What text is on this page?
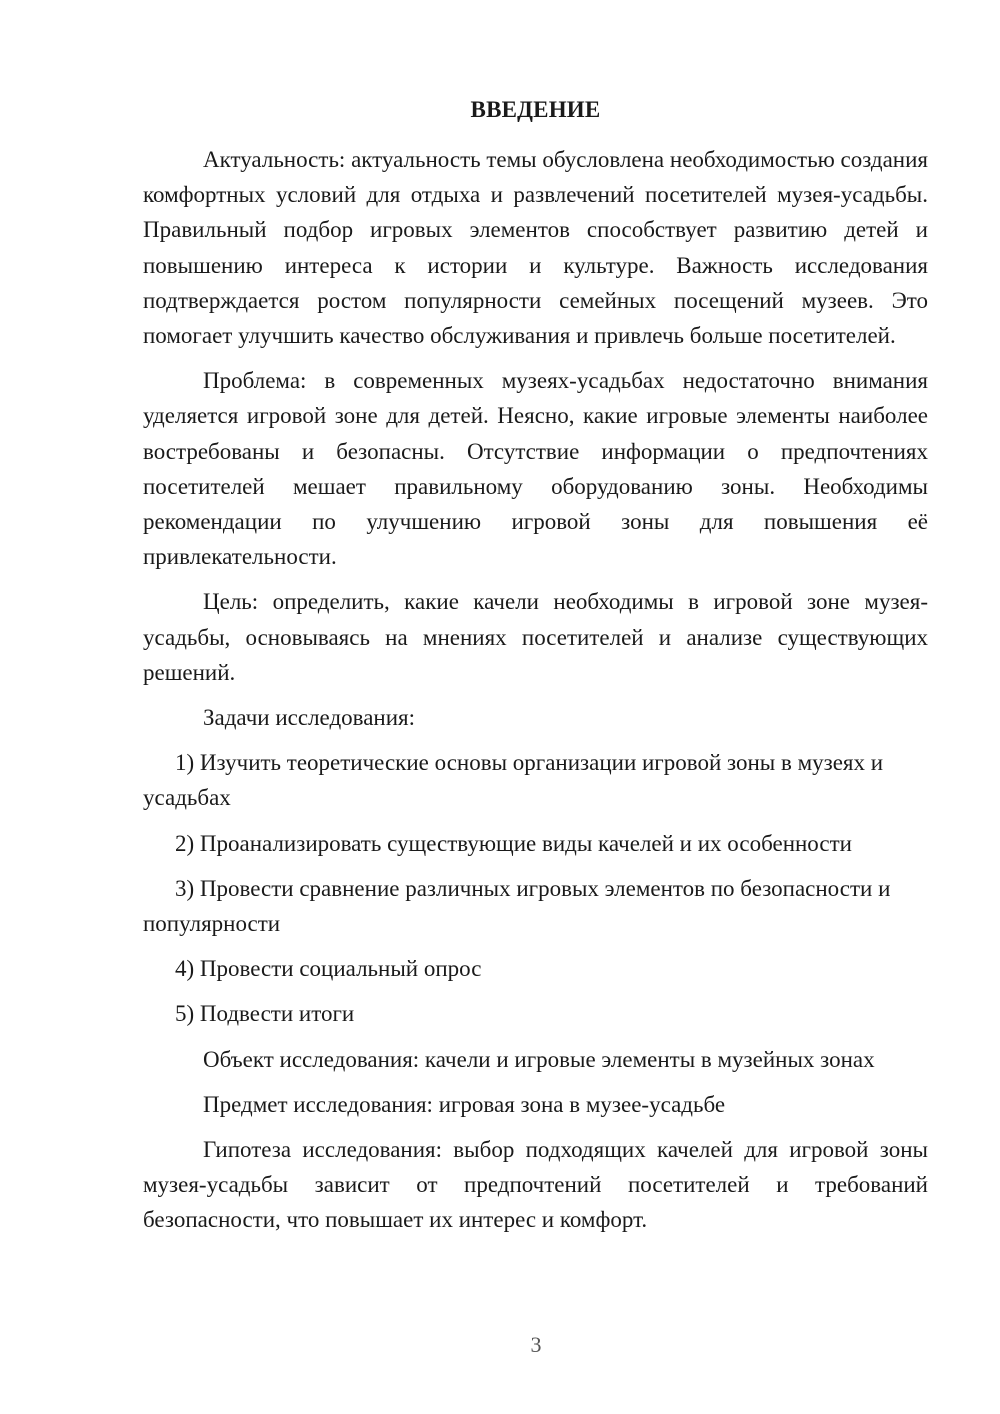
ВВЕДЕНИЕ

Актуальность: актуальность темы обусловлена необходимостью создания комфортных условий для отдыха и развлечений посетителей музея-усадьбы. Правильный подбор игровых элементов способствует развитию детей и повышению интереса к истории и культуре. Важность исследования подтверждается ростом популярности семейных посещений музеев. Это помогает улучшить качество обслуживания и привлечь больше посетителей.

Проблема: в современных музеях-усадьбах недостаточно внимания уделяется игровой зоне для детей. Неясно, какие игровые элементы наиболее востребованы и безопасны. Отсутствие информации о предпочтениях посетителей мешает правильному оборудованию зоны. Необходимы рекомендации по улучшению игровой зоны для повышения её привлекательности.

Цель: определить, какие качели необходимы в игровой зоне музея-усадьбы, основываясь на мнениях посетителей и анализе существующих решений.

Задачи исследования:

1) Изучить теоретические основы организации игровой зоны в музеях и усадьбах

2) Проанализировать существующие виды качелей и их особенности

3) Провести сравнение различных игровых элементов по безопасности и популярности

4) Провести социальный опрос

5) Подвести итоги

Объект исследования: качели и игровые элементы в музейных зонах

Предмет исследования: игровая зона в музее-усадьбе

Гипотеза исследования: выбор подходящих качелей для игровой зоны музея-усадьбы зависит от предпочтений посетителей и требований безопасности, что повышает их интерес и комфорт.

3
